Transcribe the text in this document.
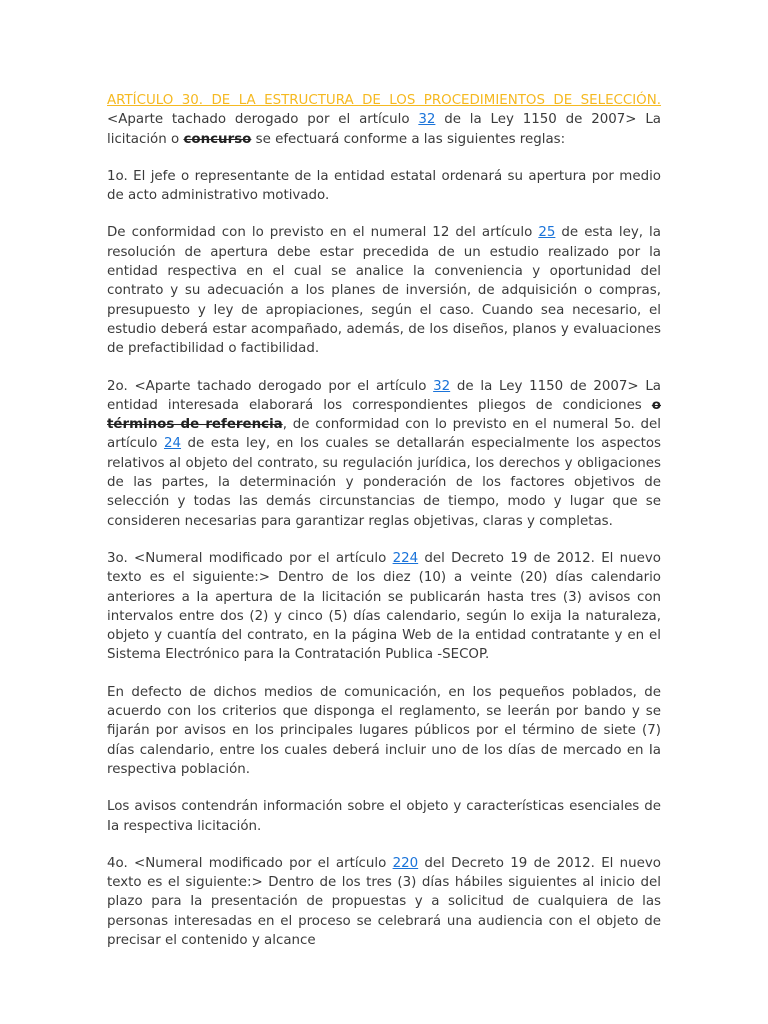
ARTÍCULO 30. DE LA ESTRUCTURA DE LOS PROCEDIMIENTOS DE SELECCIÓN. <Aparte tachado derogado por el artículo 32 de la Ley 1150 de 2007> La licitación o concurso se efectuará conforme a las siguientes reglas:

1o. El jefe o representante de la entidad estatal ordenará su apertura por medio de acto administrativo motivado.

De conformidad con lo previsto en el numeral 12 del artículo 25 de esta ley, la resolución de apertura debe estar precedida de un estudio realizado por la entidad respectiva en el cual se analice la conveniencia y oportunidad del contrato y su adecuación a los planes de inversión, de adquisición o compras, presupuesto y ley de apropiaciones, según el caso. Cuando sea necesario, el estudio deberá estar acompañado, además, de los diseños, planos y evaluaciones de prefactibilidad o factibilidad.

2o. <Aparte tachado derogado por el artículo 32 de la Ley 1150 de 2007> La entidad interesada elaborará los correspondientes pliegos de condiciones o términos de referencia, de conformidad con lo previsto en el numeral 5o. del artículo 24 de esta ley, en los cuales se detallarán especialmente los aspectos relativos al objeto del contrato, su regulación jurídica, los derechos y obligaciones de las partes, la determinación y ponderación de los factores objetivos de selección y todas las demás circunstancias de tiempo, modo y lugar que se consideren necesarias para garantizar reglas objetivas, claras y completas.

3o. <Numeral modificado por el artículo 224 del Decreto 19 de 2012. El nuevo texto es el siguiente:> Dentro de los diez (10) a veinte (20) días calendario anteriores a Ia apertura de Ia licitación se publicarán hasta tres (3) avisos con intervalos entre dos (2) y cinco (5) días calendario, según lo exija Ia naturaleza, objeto y cuantía del contrato, en Ia página Web de Ia entidad contratante y en el Sistema Electrónico para Ia Contratación Publica -SECOP.

En defecto de dichos medios de comunicación, en los pequeños poblados, de acuerdo con los criterios que disponga el reglamento, se leerán por bando y se fijarán por avisos en los principales lugares públicos por el término de siete (7) días calendario, entre los cuales deberá incluir uno de los días de mercado en Ia respectiva población.

Los avisos contendrán información sobre el objeto y características esenciales de Ia respectiva licitación.

4o. <Numeral modificado por el artículo 220 del Decreto 19 de 2012. El nuevo texto es el siguiente:> Dentro de los tres (3) días hábiles siguientes al inicio del plazo para Ia presentación de propuestas y a solicitud de cualquiera de las personas interesadas en el proceso se celebrará una audiencia con el objeto de precisar el contenido y alcance
